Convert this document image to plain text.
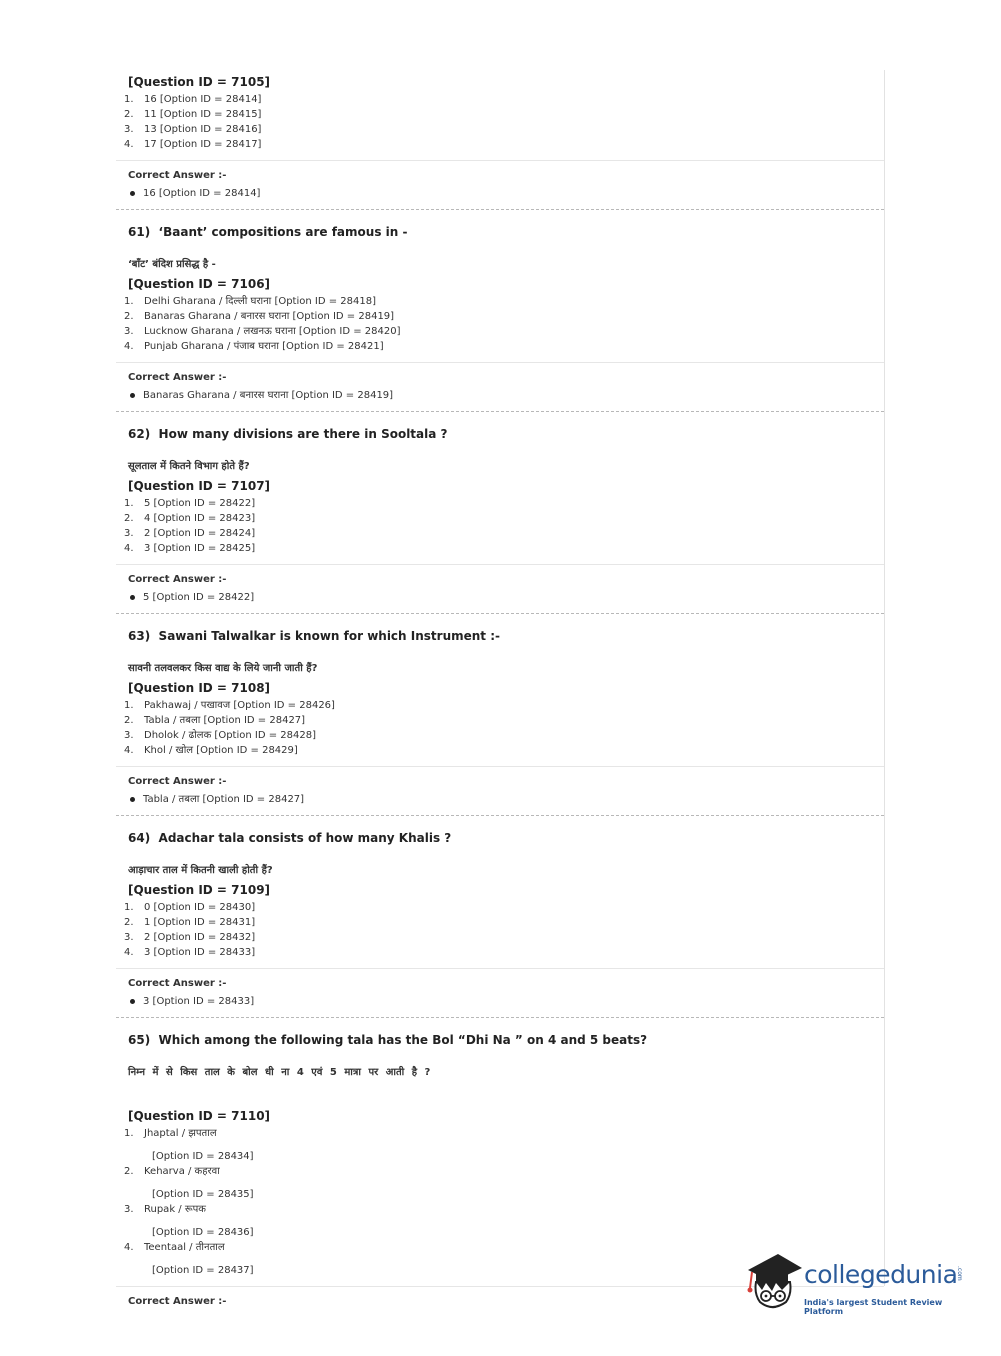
[Question ID = 7105]
1.	16 [Option ID = 28414]
2.	11 [Option ID = 28415]
3.	13 [Option ID = 28416]
4.	17 [Option ID = 28417]
Correct Answer :-
16 [Option ID = 28414]
61) ‘Baant’ compositions are famous in -
‘बाँट’ बंदिश प्रसिद्ध है -
[Question ID = 7106]
1.	Delhi Gharana / दिल्ली घराना [Option ID = 28418]
2.	Banaras Gharana / बनारस घराना [Option ID = 28419]
3.	Lucknow Gharana / लखनऊ घराना [Option ID = 28420]
4.	Punjab Gharana / पंजाब घराना [Option ID = 28421]
Correct Answer :-
Banaras Gharana / बनारस घराना [Option ID = 28419]
62) How many divisions are there in Sooltala ?
सूलताल में कितने विभाग होते हैं?
[Question ID = 7107]
1.	5 [Option ID = 28422]
2.	4 [Option ID = 28423]
3.	2 [Option ID = 28424]
4.	3 [Option ID = 28425]
Correct Answer :-
5 [Option ID = 28422]
63) Sawani Talwalkar is known for which Instrument :-
सावनी तलवलकर किस वाद्य के लिये जानी जाती हैं?
[Question ID = 7108]
1.	Pakhawaj / पखावज [Option ID = 28426]
2.	Tabla / तबला [Option ID = 28427]
3.	Dholok / ढोलक [Option ID = 28428]
4.	Khol / खोल [Option ID = 28429]
Correct Answer :-
Tabla / तबला [Option ID = 28427]
64) Adachar tala consists of how many Khalis ?
आड़ाचार ताल में कितनी खाली होती हैं?
[Question ID = 7109]
1.	0 [Option ID = 28430]
2.	1 [Option ID = 28431]
3.	2 [Option ID = 28432]
4.	3 [Option ID = 28433]
Correct Answer :-
3 [Option ID = 28433]
65) Which among the following tala has the Bol “Dhi Na ” on 4 and 5 beats?
निम्न में से किस ताल के बोल धी ना 4 एवं 5 मात्रा पर आती है ?
[Question ID = 7110]
1.	Jhaptal / झपताल
[Option ID = 28434]
2.	Keharva / कहरवा
[Option ID = 28435]
3.	Rupak / रूपक
[Option ID = 28436]
4.	Teentaal / तीनताल
[Option ID = 28437]
Correct Answer :-
collegedunia
.com
India's largest Student Review Platform
